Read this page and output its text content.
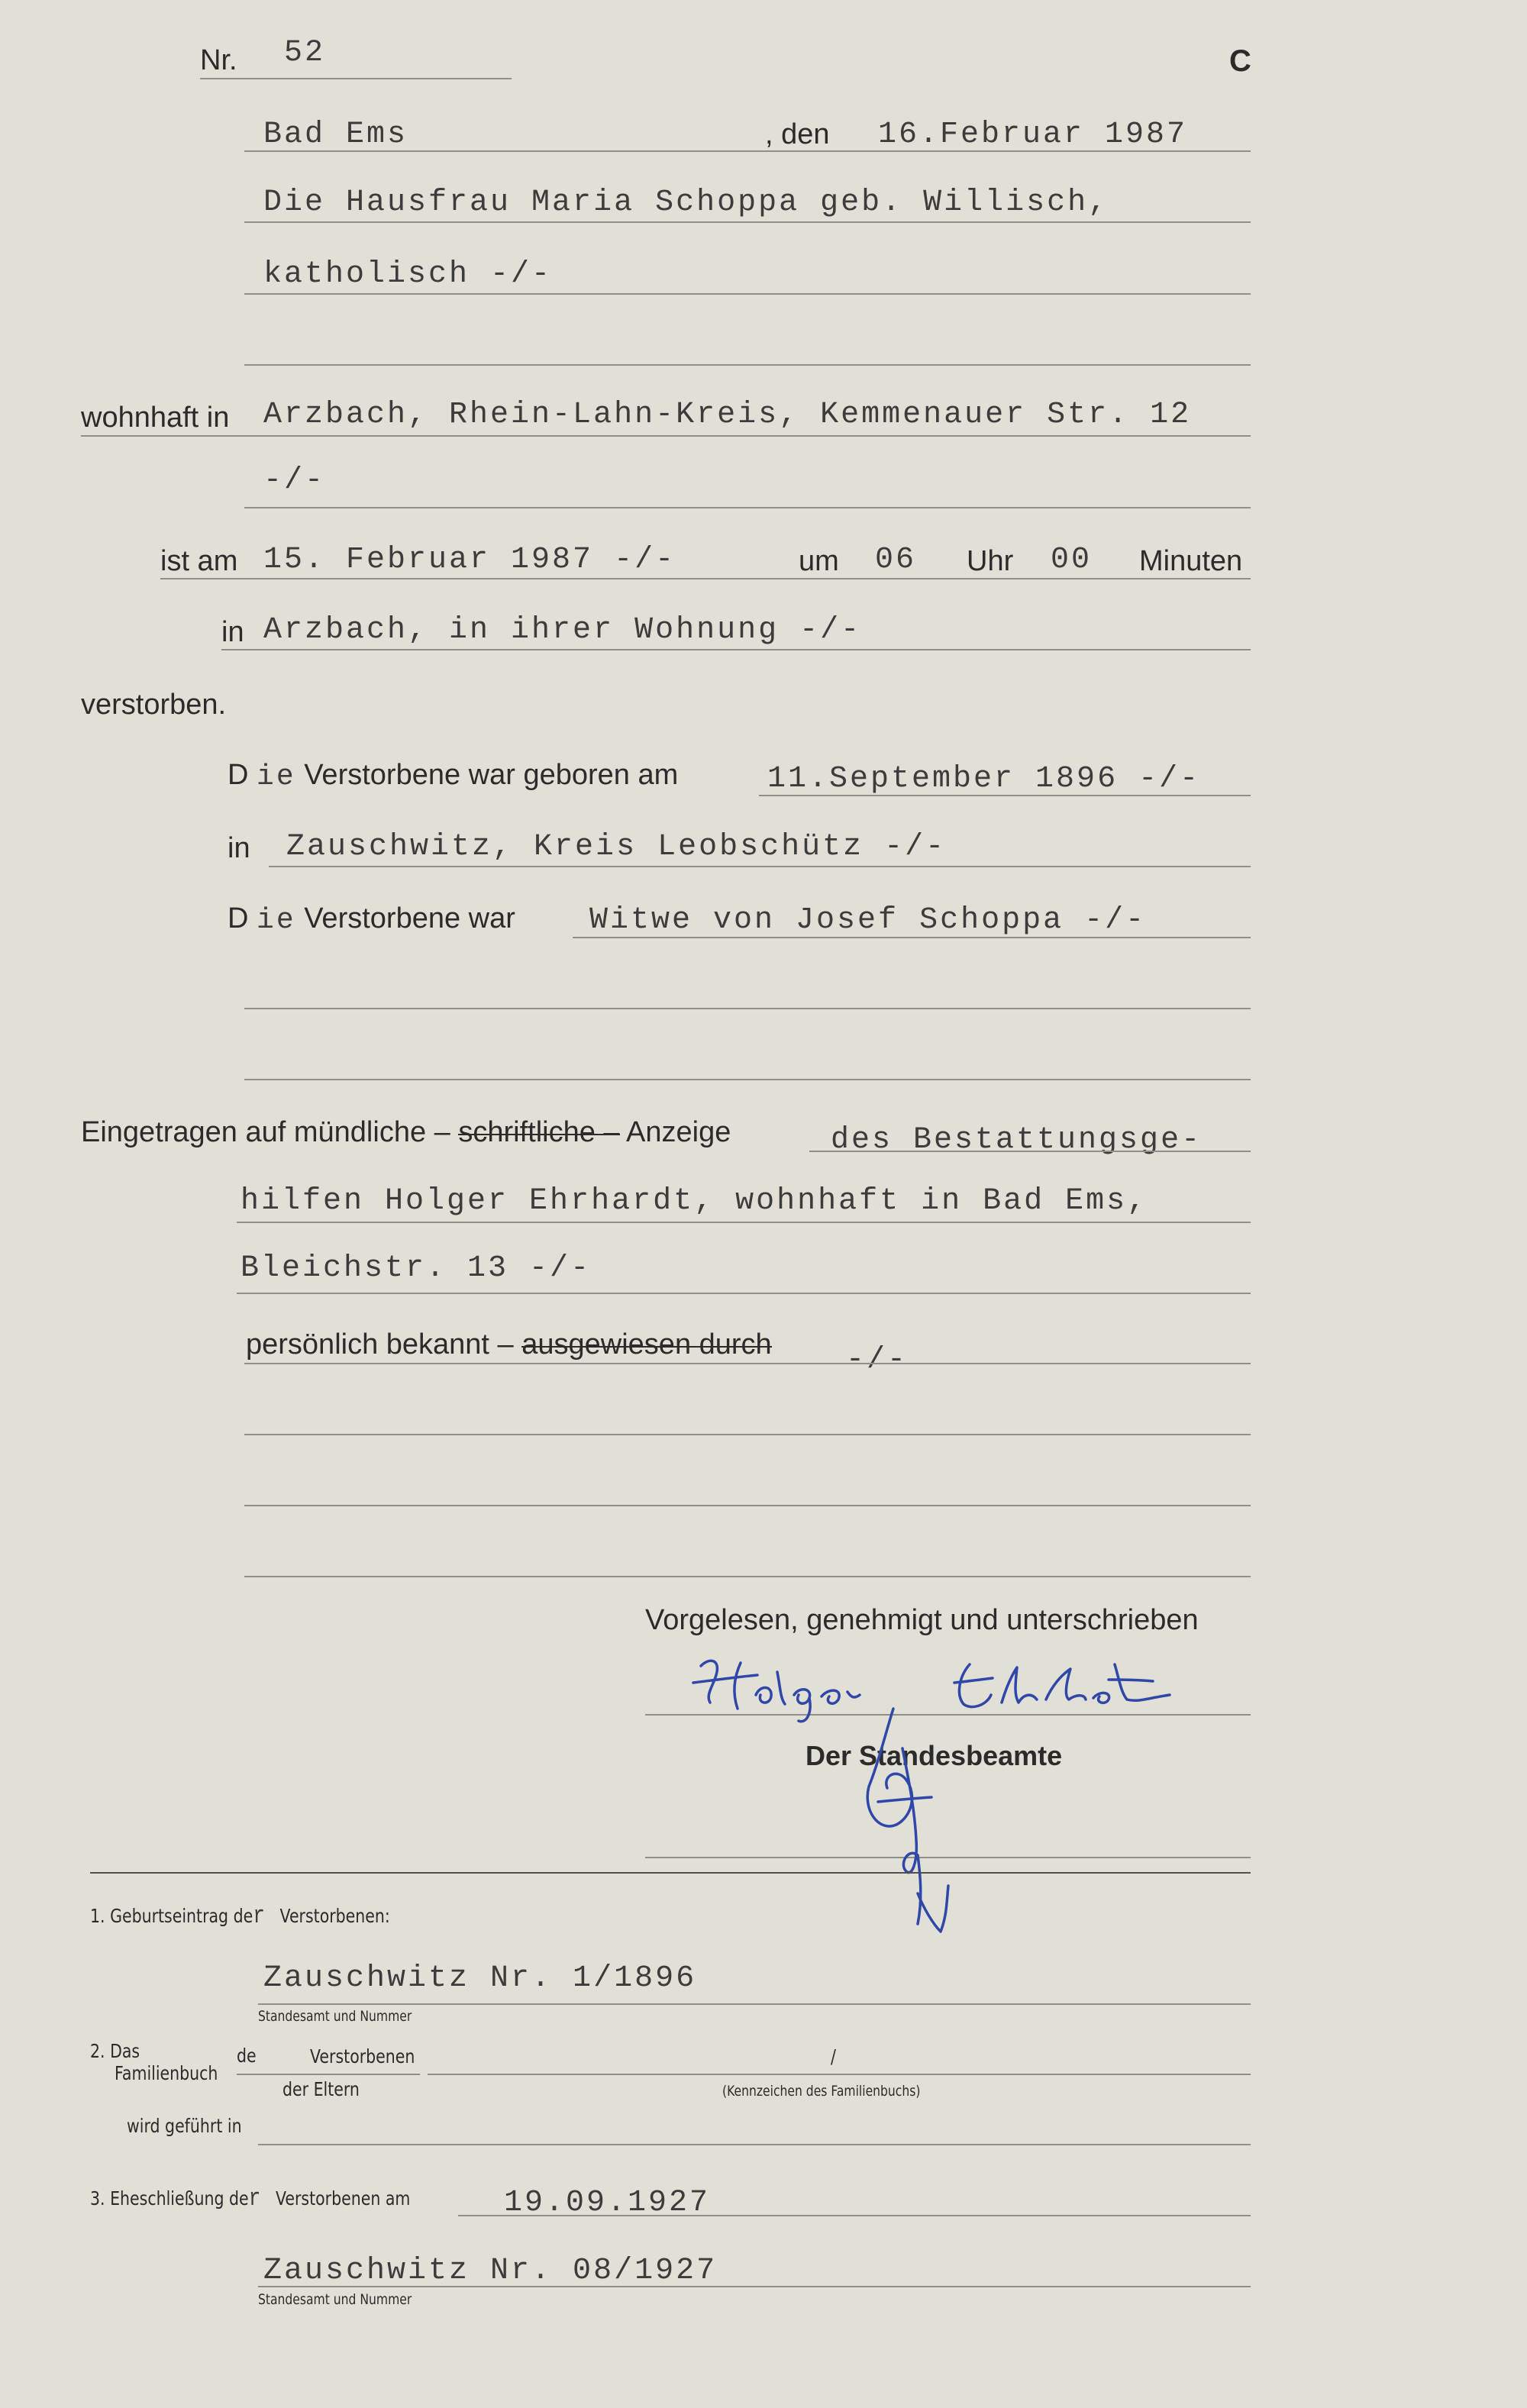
Nr. 52	C
Bad Ems	, den 16.Februar 1987
Die Hausfrau Maria Schoppa geb. Willisch,
katholisch -/-
wohnhaft in Arzbach, Rhein-Lahn-Kreis, Kemmenauer Str. 12
-/-
ist am 15. Februar 1987 -/-	um 06 Uhr 00 Minuten
in Arzbach, in ihrer Wohnung -/-
verstorben.
D ie Verstorbene war geboren am	11.September 1896 -/-
in Zauschwitz, Kreis Leobschütz -/-
D ie Verstorbene war Witwe von Josef Schoppa -/-
Eingetragen auf mündliche – schriftliche – Anzeige	des Bestattungsge-
hilfen Holger Ehrhardt, wohnhaft in Bad Ems,
Bleichstr. 13 -/-
persönlich bekannt – ausgewiesen durch -/-
Vorgelesen, genehmigt und unterschrieben
Der Standesbeamte
1. Geburtseintrag der Verstorbenen:
Zauschwitz Nr. 1/1896
Standesamt und Nummer
2. Das
Familienbuch
de	Verstorbenen	/
der Eltern	(Kennzeichen des Familienbuchs)
wird geführt in
3. Eheschließung der Verstorbenen am	19.09.1927
Zauschwitz Nr. 08/1927
Standesamt und Nummer
